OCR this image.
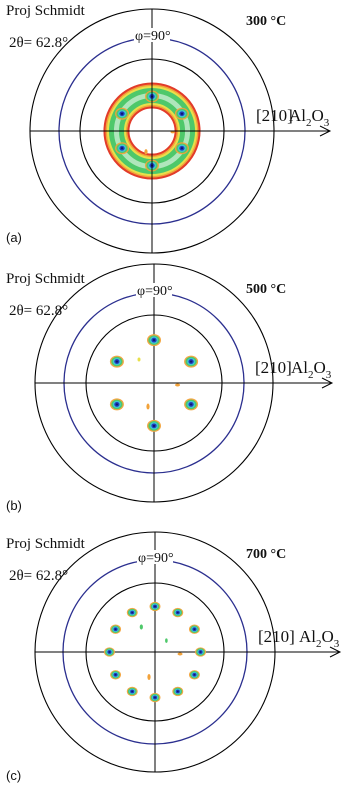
Proj Schmidt
2θ= 62.8°
300 °C
φ=90°
[210]
$Al_2O_3$
(a)
Proj Schmidt
2θ= 62.8°
500 °C
φ=90°
[210] $Al_2O_3$
(b)
Proj Schmidt
2θ= 62.8°
700 °C
φ=90°
[210] $Al_2O_3$
(c)
